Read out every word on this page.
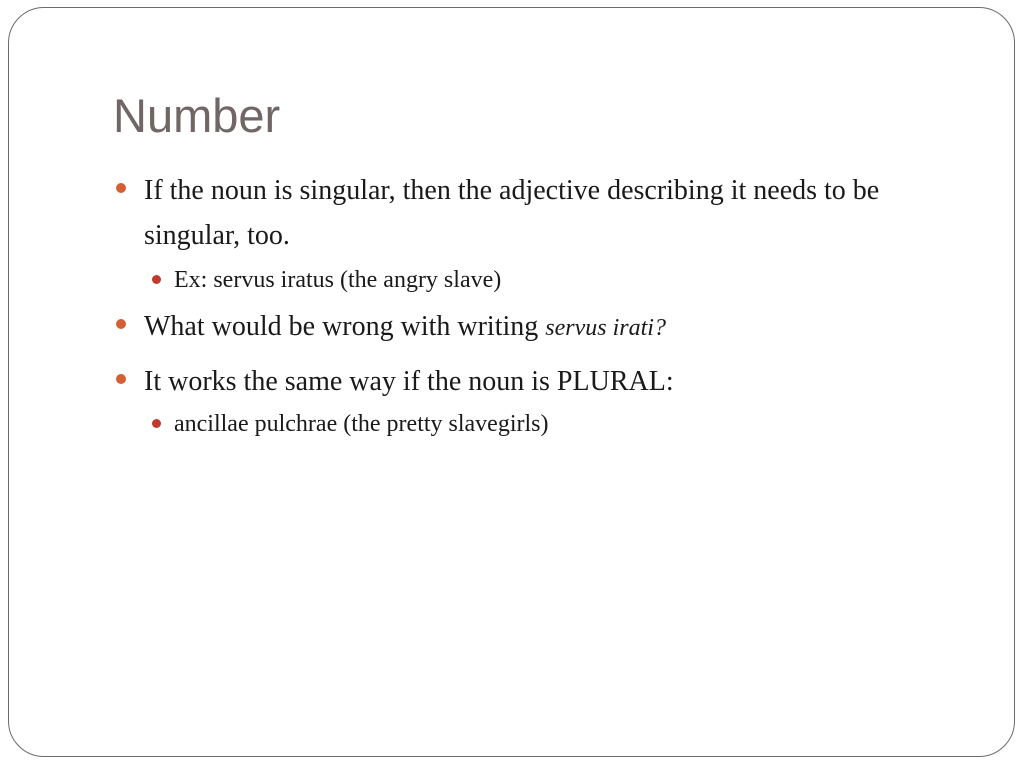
Number
If the noun is singular, then the adjective describing it needs to be singular, too.
Ex: servus iratus (the angry slave)
What would be wrong with writing servus irati?
It works the same way if the noun is PLURAL:
ancillae pulchrae (the pretty slavegirls)
